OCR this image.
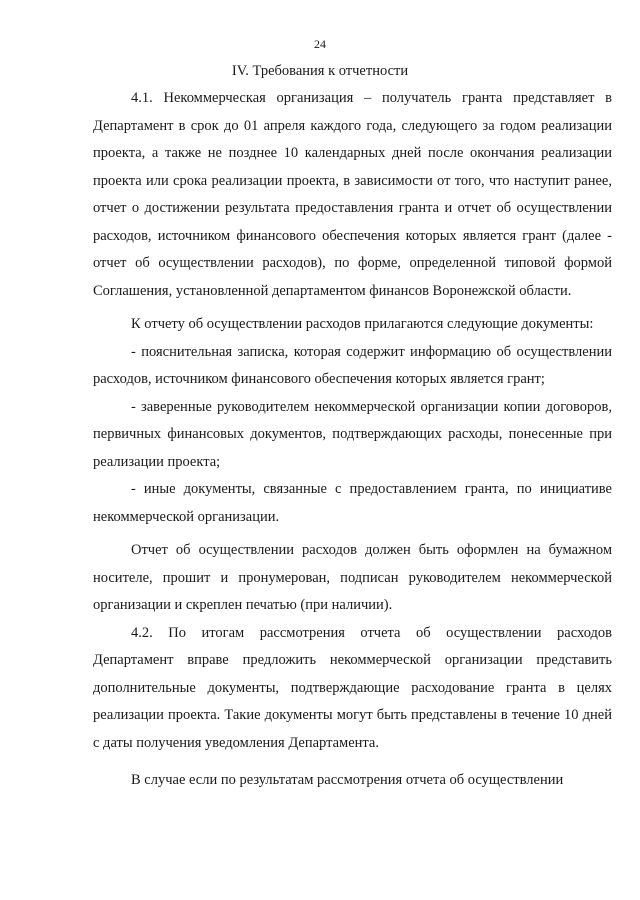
24
IV. Требования к отчетности

4.1. Некоммерческая организация – получатель гранта представляет в Департамент в срок до 01 апреля каждого года, следующего за годом реализации проекта, а также не позднее 10 календарных дней после окончания реализации проекта или срока реализации проекта, в зависимости от того, что наступит ранее, отчет о достижении результата предоставления гранта и отчет об осуществлении расходов, источником финансового обеспечения которых является грант (далее - отчет об осуществлении расходов), по форме, определенной типовой формой Соглашения, установленной департаментом финансов Воронежской области.

К отчету об осуществлении расходов прилагаются следующие документы:

- пояснительная записка, которая содержит информацию об осуществлении расходов, источником финансового обеспечения которых является грант;

- заверенные руководителем некоммерческой организации копии договоров, первичных финансовых документов, подтверждающих расходы, понесенные при реализации проекта;

- иные документы, связанные с предоставлением гранта, по инициативе некоммерческой организации.

Отчет об осуществлении расходов должен быть оформлен на бумажном носителе, прошит и пронумерован, подписан руководителем некоммерческой организации и скреплен печатью (при наличии).

4.2. По итогам рассмотрения отчета об осуществлении расходов Департамент вправе предложить некоммерческой организации представить дополнительные документы, подтверждающие расходование гранта в целях реализации проекта. Такие документы могут быть представлены в течение 10 дней с даты получения уведомления Департамента.

В случае если по результатам рассмотрения отчета об осуществлении
